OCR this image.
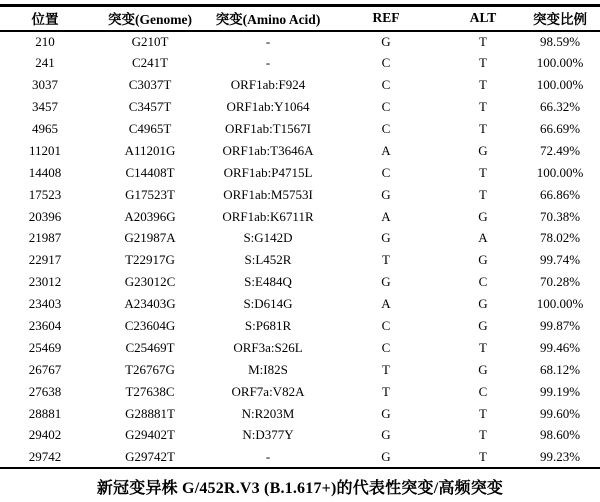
位置	突变(Genome)	突变(Amino Acid)	REF	ALT	突变比例
210	G210T	-	G	T	98.59%
241	C241T	-	C	T	100.00%
3037	C3037T	ORF1ab:F924	C	T	100.00%
3457	C3457T	ORF1ab:Y1064	C	T	66.32%
4965	C4965T	ORF1ab:T1567I	C	T	66.69%
11201	A11201G	ORF1ab:T3646A	A	G	72.49%
14408	C14408T	ORF1ab:P4715L	C	T	100.00%
17523	G17523T	ORF1ab:M5753I	G	T	66.86%
20396	A20396G	ORF1ab:K6711R	A	G	70.38%
21987	G21987A	S:G142D	G	A	78.02%
22917	T22917G	S:L452R	T	G	99.74%
23012	G23012C	S:E484Q	G	C	70.28%
23403	A23403G	S:D614G	A	G	100.00%
23604	C23604G	S:P681R	C	G	99.87%
25469	C25469T	ORF3a:S26L	C	T	99.46%
26767	T26767G	M:I82S	T	G	68.12%
27638	T27638C	ORF7a:V82A	T	C	99.19%
28881	G28881T	N:R203M	G	T	99.60%
29402	G29402T	N:D377Y	G	T	98.60%
29742	G29742T	-	G	T	99.23%
新冠变异株 G/452R.V3 (B.1.617+)的代表性突变/高频突变
